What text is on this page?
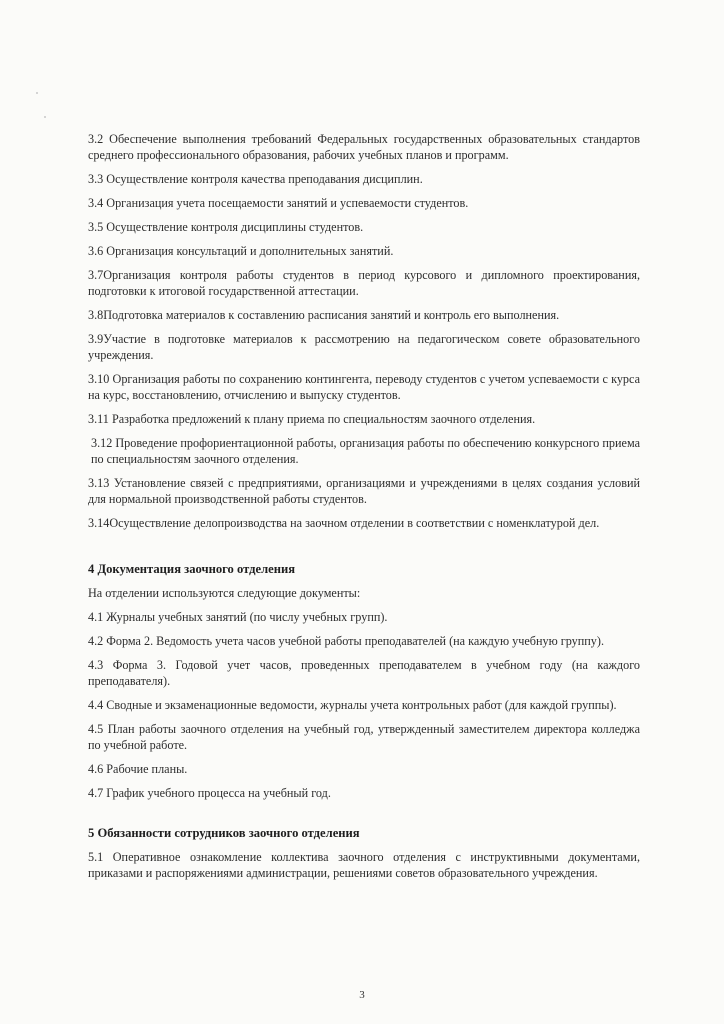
3.2 Обеспечение выполнения требований Федеральных государственных образовательных стандартов среднего профессионального образования, рабочих учебных планов и программ.

3.3 Осуществление контроля качества преподавания дисциплин.

3.4 Организация учета посещаемости занятий и успеваемости студентов.

3.5 Осуществление контроля дисциплины студентов.

3.6 Организация консультаций и дополнительных занятий.

3.7Организация контроля работы студентов в период курсового и дипломного проектирования, подготовки к итоговой государственной аттестации.

3.8Подготовка материалов к составлению расписания занятий и контроль его выполнения.

3.9Участие в подготовке материалов к рассмотрению на педагогическом совете образовательного учреждения.

3.10 Организация работы по сохранению контингента, переводу студентов с учетом успеваемости с курса на курс, восстановлению, отчислению и выпуску студентов.

3.11 Разработка предложений к плану приема по специальностям заочного отделения.

3.12 Проведение профориентационной работы, организация работы по обеспечению конкурсного приема по специальностям заочного отделения.

3.13 Установление связей с предприятиями, организациями и учреждениями в целях создания условий для нормальной производственной работы студентов.

3.14Осуществление делопроизводства на заочном отделении в соответствии с номенклатурой дел.

4 Документация заочного отделения

На отделении используются следующие документы:

4.1 Журналы учебных занятий (по числу учебных групп).

4.2 Форма 2. Ведомость учета часов учебной работы преподавателей (на каждую учебную группу).

4.3 Форма 3. Годовой учет часов, проведенных преподавателем в учебном году (на каждого преподавателя).

4.4 Сводные и экзаменационные ведомости, журналы учета контрольных работ (для каждой группы).

4.5 План работы заочного отделения на учебный год, утвержденный заместителем директора колледжа по учебной работе.

4.6 Рабочие планы.

4.7 График учебного процесса на учебный год.

5 Обязанности сотрудников заочного отделения

5.1 Оперативное ознакомление коллектива заочного отделения с инструктивными документами, приказами и распоряжениями администрации, решениями советов образовательного учреждения.

3
